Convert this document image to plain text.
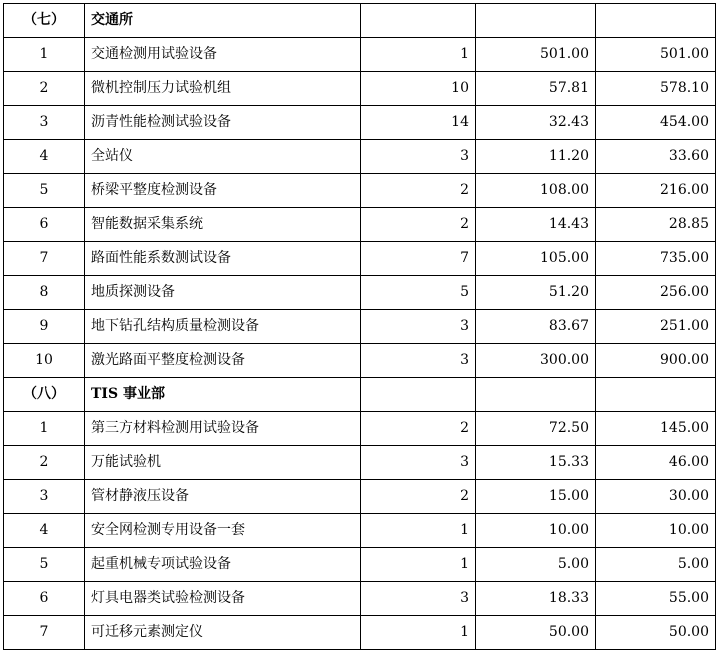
（七）	交通所			
1	交通检测用试验设备	1	501.00	501.00
2	微机控制压力试验机组	10	57.81	578.10
3	沥青性能检测试验设备	14	32.43	454.00
4	全站仪	3	11.20	33.60
5	桥梁平整度检测设备	2	108.00	216.00
6	智能数据采集系统	2	14.43	28.85
7	路面性能系数测试设备	7	105.00	735.00
8	地质探测设备	5	51.20	256.00
9	地下钻孔结构质量检测设备	3	83.67	251.00
10	激光路面平整度检测设备	3	300.00	900.00
（八）	TIS 事业部			
1	第三方材料检测用试验设备	2	72.50	145.00
2	万能试验机	3	15.33	46.00
3	管材静液压设备	2	15.00	30.00
4	安全网检测专用设备一套	1	10.00	10.00
5	起重机械专项试验设备	1	5.00	5.00
6	灯具电器类试验检测设备	3	18.33	55.00
7	可迁移元素测定仪	1	50.00	50.00
